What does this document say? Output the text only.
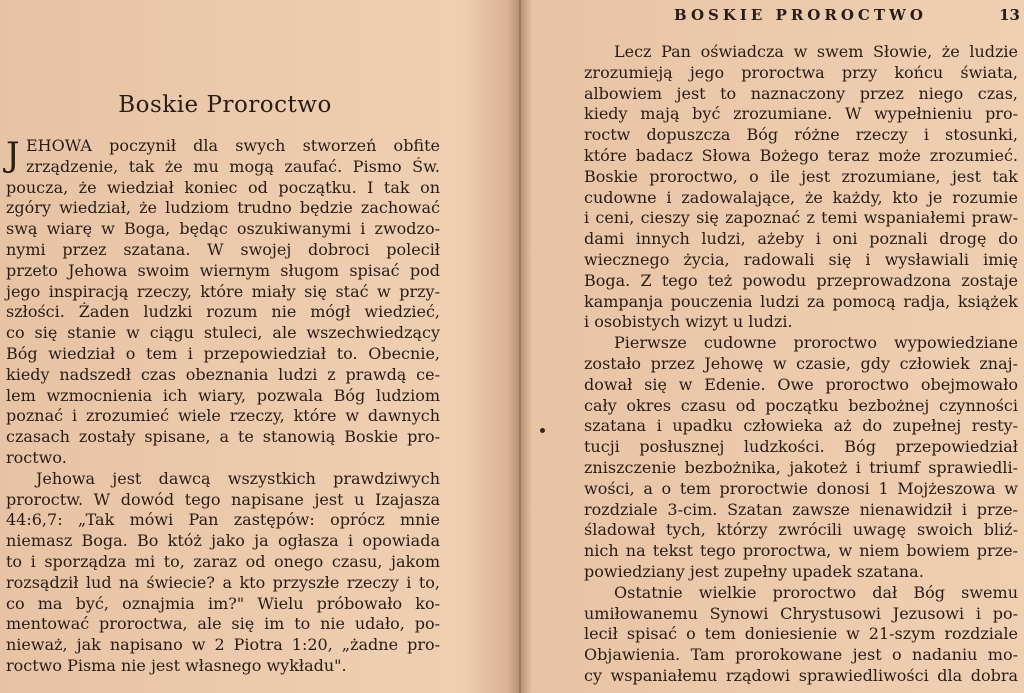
Boskie Proroctwo
J EHOWA poczynił dla swych stworzeń obfite
zrządzenie, tak że mu mogą zaufać. Pismo Św.
poucza, że wiedział koniec od początku. I tak on
zgóry wiedział, że ludziom trudno będzie zachować
swą wiarę w Boga, będąc oszukiwanymi i zwodzo-
nymi przez szatana. W swojej dobroci polecił
przeto Jehowa swoim wiernym sługom spisać pod
jego inspiracją rzeczy, które miały się stać w przy-
szłości. Żaden ludzki rozum nie mógł wiedzieć,
co się stanie w ciągu stuleci, ale wszechwiedzący
Bóg wiedział o tem i przepowiedział to. Obecnie,
kiedy nadszedł czas obeznania ludzi z prawdą ce-
lem wzmocnienia ich wiary, pozwala Bóg ludziom
poznać i zrozumieć wiele rzeczy, które w dawnych
czasach zostały spisane, a te stanowią Boskie pro-
roctwo.
Jehowa jest dawcą wszystkich prawdziwych
proroctw. W dowód tego napisane jest u Izajasza
44:6,7: „Tak mówi Pan zastępów: oprócz mnie
niemasz Boga. Bo któż jako ja ogłasza i opowiada
to i sporządza mi to, zaraz od onego czasu, jakom
rozsądził lud na świecie? a kto przyszłe rzeczy i to,
co ma być, oznajmia im?" Wielu próbowało ko-
mentować proroctwa, ale się im to nie udało, po-
nieważ, jak napisano w 2 Piotra 1:20, „żadne pro-
roctwo Pisma nie jest własnego wykładu".
BOSKIE PROROCTWO	13
Lecz Pan oświadcza w swem Słowie, że ludzie
zrozumieją jego proroctwa przy końcu świata,
albowiem jest to naznaczony przez niego czas,
kiedy mają być zrozumiane. W wypełnieniu pro-
roctw dopuszcza Bóg różne rzeczy i stosunki,
które badacz Słowa Bożego teraz może zrozumieć.
Boskie proroctwo, o ile jest zrozumiane, jest tak
cudowne i zadowalające, że każdy, kto je rozumie
i ceni, cieszy się zapoznać z temi wspaniałemi praw-
dami innych ludzi, ażeby i oni poznali drogę do
wiecznego życia, radowali się i wysławiali imię
Boga. Z tego też powodu przeprowadzona zostaje
kampanja pouczenia ludzi za pomocą radja, książek
i osobistych wizyt u ludzi.
Pierwsze cudowne proroctwo wypowiedziane
zostało przez Jehowę w czasie, gdy człowiek znaj-
dował się w Edenie. Owe proroctwo obejmowało
cały okres czasu od początku bezbożnej czynności
szatana i upadku człowieka aż do zupełnej resty-
tucji posłusznej ludzkości. Bóg przepowiedział
zniszczenie bezbożnika, jakoteż i triumf sprawiedli-
wości, a o tem proroctwie donosi 1 Mojżeszowa w
rozdziale 3-cim. Szatan zawsze nienawidził i prze-
śladował tych, którzy zwrócili uwagę swoich bliź-
nich na tekst tego proroctwa, w niem bowiem prze-
powiedziany jest zupełny upadek szatana.
Ostatnie wielkie proroctwo dał Bóg swemu
umiłowanemu Synowi Chrystusowi Jezusowi i po-
lecił spisać o tem doniesienie w 21-szym rozdziale
Objawienia. Tam prorokowane jest o nadaniu mo-
cy wspaniałemu rządowi sprawiedliwości dla dobra
